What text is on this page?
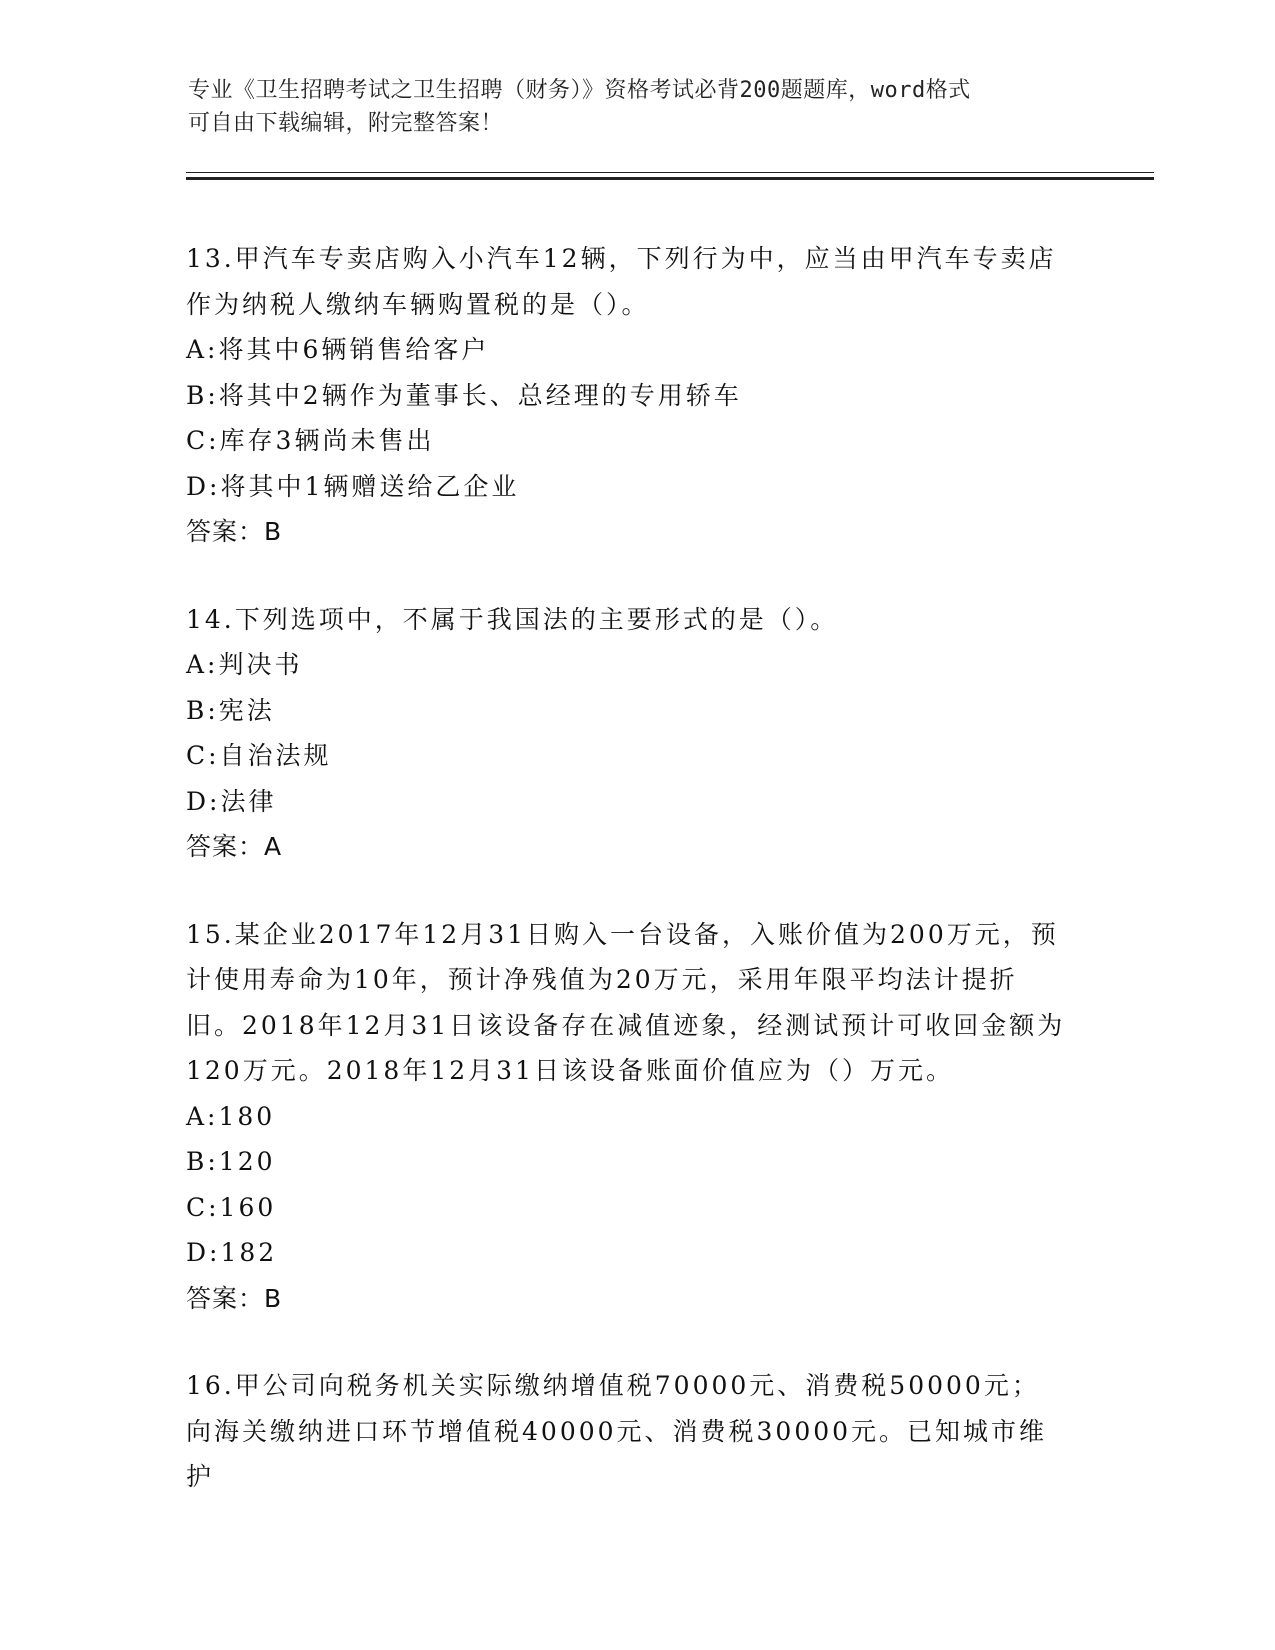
专业《卫生招聘考试之卫生招聘（财务）》资格考试必背200题题库，word格式
可自由下载编辑，附完整答案！

13.甲汽车专卖店购入小汽车12辆，下列行为中，应当由甲汽车专卖店作为纳税人缴纳车辆购置税的是（）。

A:将其中6辆销售给客户

B:将其中2辆作为董事长、总经理的专用轿车

C:库存3辆尚未售出

D:将其中1辆赠送给乙企业

答案：B

14.下列选项中，不属于我国法的主要形式的是（）。

A:判决书

B:宪法

C:自治法规

D:法律

答案：A

15.某企业2017年12月31日购入一台设备，入账价值为200万元，预计使用寿命为10年，预计净残值为20万元，采用年限平均法计提折旧。2018年12月31日该设备存在减值迹象，经测试预计可收回金额为120万元。2018年12月31日该设备账面价值应为（）万元。

A:180

B:120

C:160

D:182

答案：B

16.甲公司向税务机关实际缴纳增值税70000元、消费税50000元；向海关缴纳进口环节增值税40000元、消费税30000元。已知城市维护
